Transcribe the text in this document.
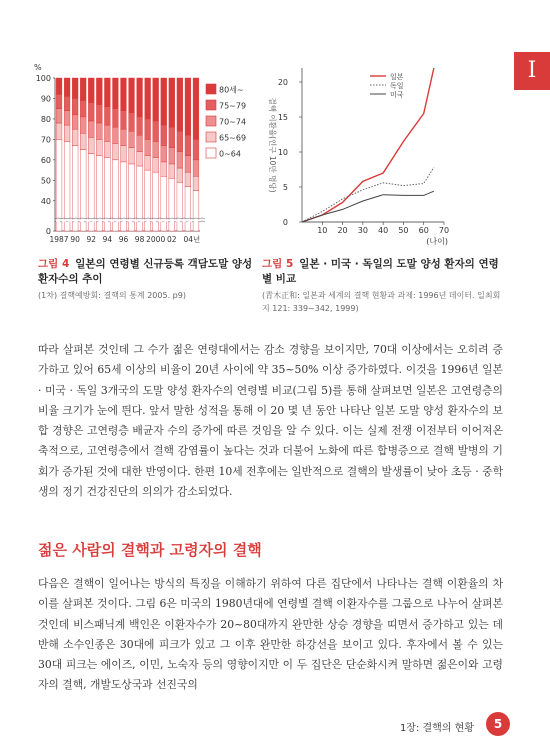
I
%
0
40
50
60
70
80
90
100
1987 90 92 94 96 98 2000 02 04년
80세~
75~79
70~74
65~69
0~64
0
5
10
15
20
10 20 30 40 50 60 70
(나이)
결핵 이환율(인구 10만 명당)
일본
독일
미국
그림 4 일본의 연령별 신규등록 객담도말 양성 환자수의 추이
(1차) 결핵예방회: 결핵의 통계 2005. p9)
그림 5 일본 · 미국 · 독일의 도말 양성 환자의 연령별 비교
(青木正和: 일본과 세계의 결핵 현황과 과제: 1996년 데이터. 일최회지 121: 339~342, 1999)

따라 살펴본 것인데 그 수가 젊은 연령대에서는 감소 경향을 보이지만, 70대 이상에서는 오히려 증가하고 있어 65세 이상의 비율이 20년 사이에 약 35~50% 이상 증가하였다. 이것을 1996년 일본 · 미국 · 독일 3개국의 도말 양성 환자수의 연령별 비교(그림 5)를 통해 살펴보면 일본은 고연령층의 비율 크기가 눈에 띈다. 앞서 말한 성적을 통해 이 20 몇 년 동안 나타난 일본 도말 양성 환자수의 보합 경향은 고연령층 배균자 수의 증가에 따른 것임을 알 수 있다. 이는 실제 전쟁 이전부터 이어져온 축적으로, 고연령층에서 결핵 감염률이 높다는 것과 더불어 노화에 따른 합병증으로 결핵 발병의 기회가 증가된 것에 대한 반영이다. 한편 10세 전후에는 일반적으로 결핵의 발생률이 낮아 초등 · 중학생의 정기 건강진단의 의의가 감소되었다.

젊은 사람의 결핵과 고령자의 결핵

다음은 결핵이 일어나는 방식의 특징을 이해하기 위하여 다른 집단에서 나타나는 결핵 이환율의 차이를 살펴본 것이다. 그림 6은 미국의 1980년대에 연령별 결핵 이환자수를 그룹으로 나누어 살펴본 것인데 비스패닉계 백인은 이환자수가 20~80대까지 완만한 상승 경향을 띠면서 증가하고 있는 데 반해 소수인종은 30대에 피크가 있고 그 이후 완만한 하강선을 보이고 있다. 후자에서 볼 수 있는 30대 피크는 에이즈, 이민, 노숙자 등의 영향이지만 이 두 집단은 단순화시켜 말하면 젊은이와 고령자의 결핵, 개발도상국과 선진국의

1장: 결핵의 현황	5
